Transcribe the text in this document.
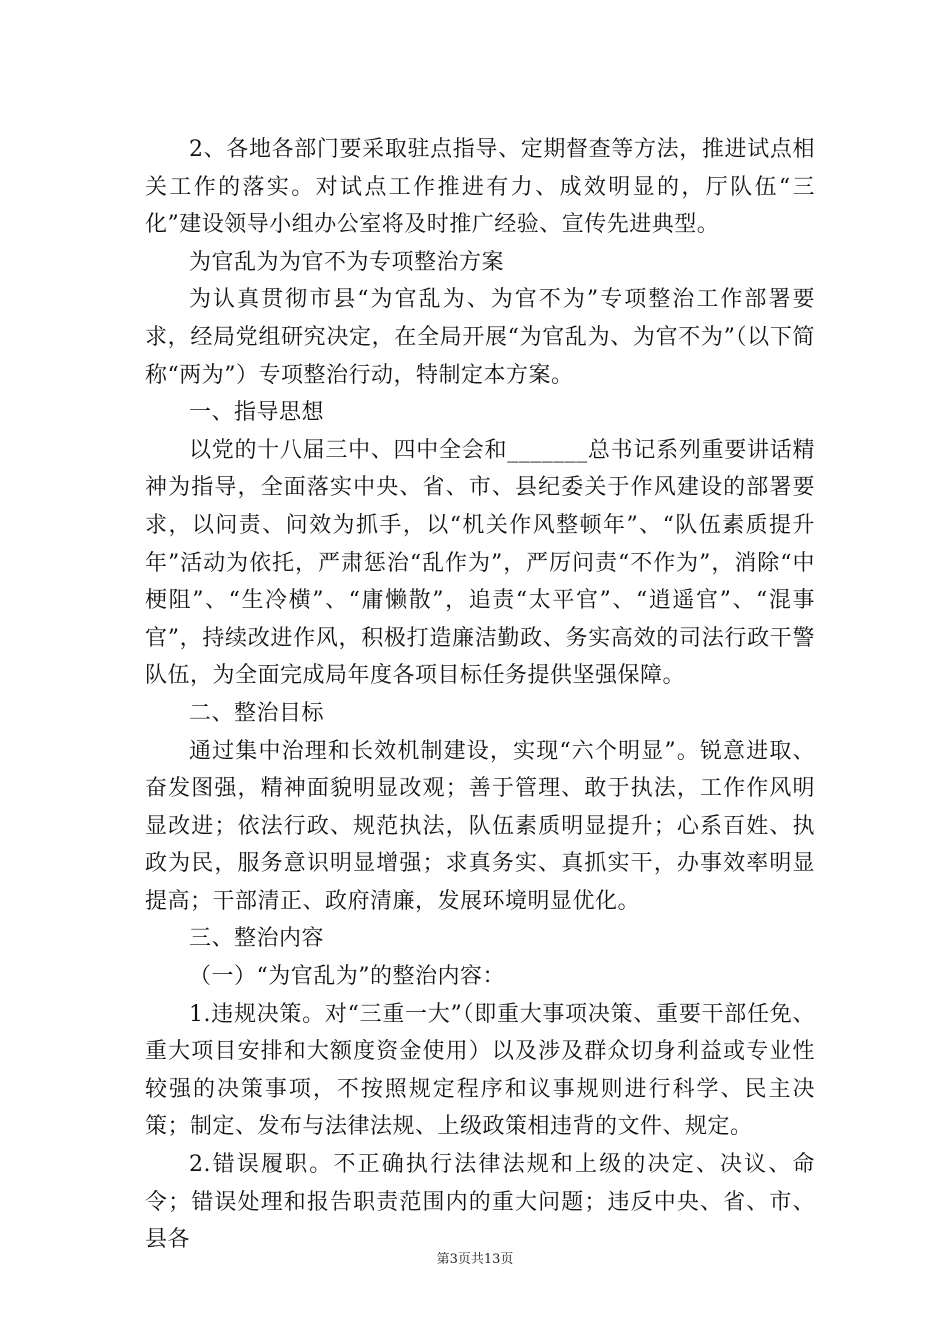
2、各地各部门要采取驻点指导、定期督查等方法，推进试点相关工作的落实。对试点工作推进有力、成效明显的，厅队伍“三化”建设领导小组办公室将及时推广经验、宣传先进典型。

为官乱为为官不为专项整治方案

为认真贯彻市县“为官乱为、为官不为”专项整治工作部署要求，经局党组研究决定，在全局开展“为官乱为、为官不为”（以下简称“两为”）专项整治行动，特制定本方案。

一、指导思想

以党的十八届三中、四中全会和_______总书记系列重要讲话精神为指导，全面落实中央、省、市、县纪委关于作风建设的部署要求，以问责、问效为抓手，以“机关作风整顿年”、“队伍素质提升年”活动为依托，严肃惩治“乱作为”，严厉问责“不作为”，消除“中梗阻”、“生冷横”、“庸懒散”，追责“太平官”、“逍遥官”、“混事官”，持续改进作风，积极打造廉洁勤政、务实高效的司法行政干警队伍，为全面完成局年度各项目标任务提供坚强保障。

二、整治目标

通过集中治理和长效机制建设，实现“六个明显”。锐意进取、奋发图强，精神面貌明显改观；善于管理、敢于执法，工作作风明显改进；依法行政、规范执法，队伍素质明显提升；心系百姓、执政为民，服务意识明显增强；求真务实、真抓实干，办事效率明显提高；干部清正、政府清廉，发展环境明显优化。

三、整治内容

（一）“为官乱为”的整治内容：

1.违规决策。对“三重一大”（即重大事项决策、重要干部任免、重大项目安排和大额度资金使用）以及涉及群众切身利益或专业性较强的决策事项，不按照规定程序和议事规则进行科学、民主决策；制定、发布与法律法规、上级政策相违背的文件、规定。

2.错误履职。不正确执行法律法规和上级的决定、决议、命令；错误处理和报告职责范围内的重大问题；违反中央、省、市、县各

第3页共13页
